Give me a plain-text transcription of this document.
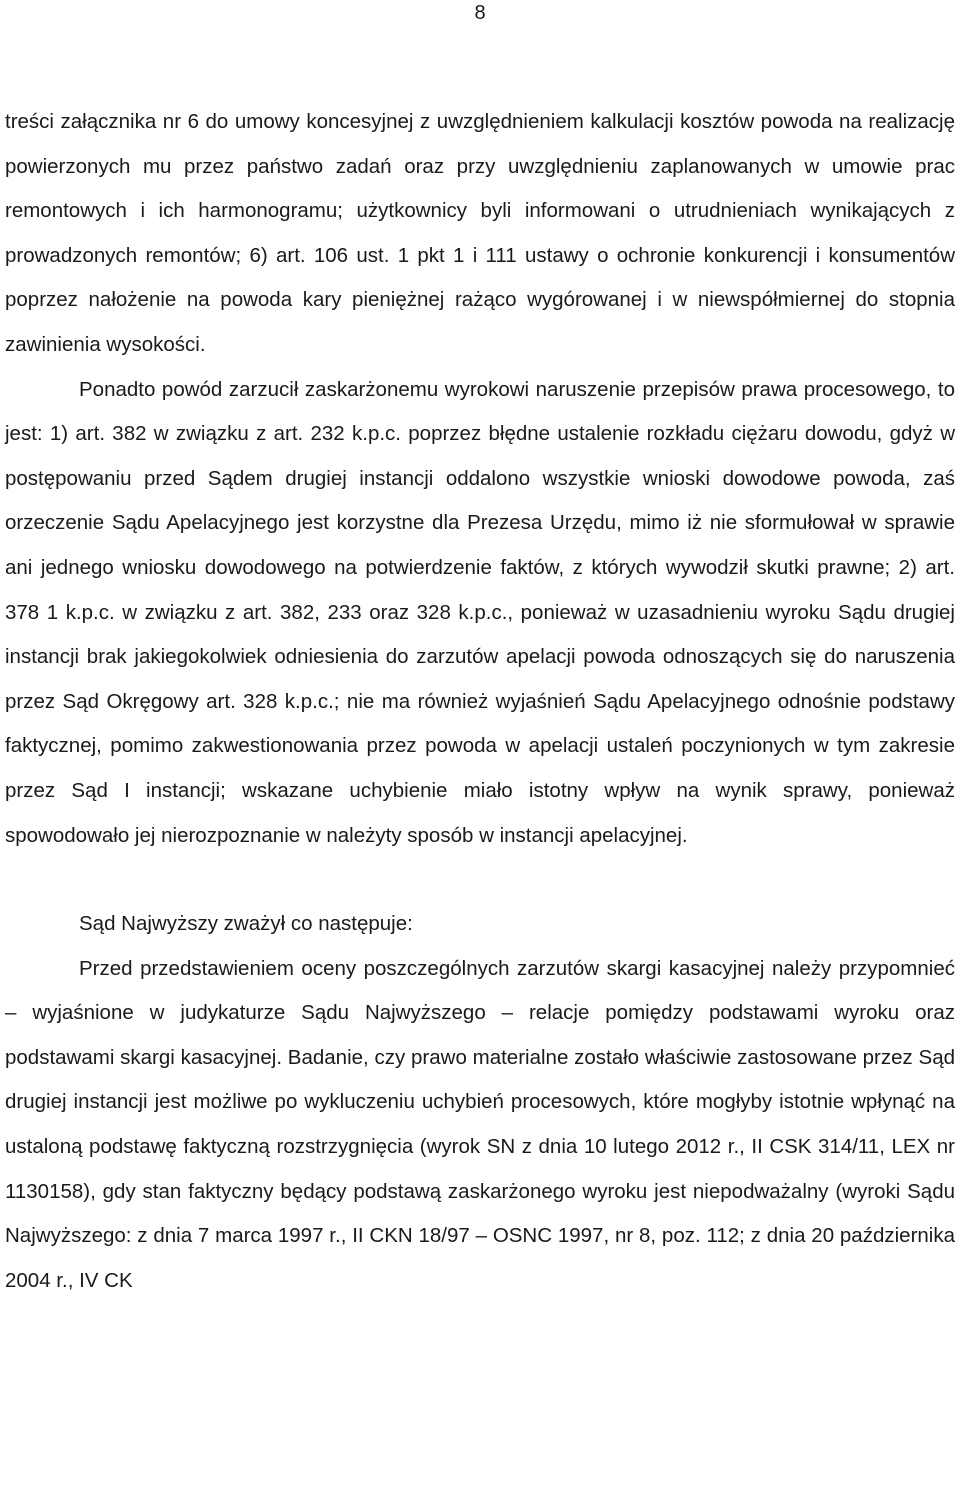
8

treści załącznika nr 6 do umowy koncesyjnej z uwzględnieniem kalkulacji kosztów powoda na realizację powierzonych mu przez państwo zadań oraz przy uwzględnieniu zaplanowanych w umowie prac remontowych i ich harmonogramu; użytkownicy byli informowani o utrudnieniach wynikających z prowadzonych remontów; 6) art. 106 ust. 1 pkt 1 i 111 ustawy o ochronie konkurencji i konsumentów poprzez nałożenie na powoda kary pieniężnej rażąco wygórowanej i w niewspółmiernej do stopnia zawinienia wysokości.

Ponadto powód zarzucił zaskarżonemu wyrokowi naruszenie przepisów prawa procesowego, to jest: 1) art. 382 w związku z art. 232 k.p.c. poprzez błędne ustalenie rozkładu ciężaru dowodu, gdyż w postępowaniu przed Sądem drugiej instancji oddalono wszystkie wnioski dowodowe powoda, zaś orzeczenie Sądu Apelacyjnego jest korzystne dla Prezesa Urzędu, mimo iż nie sformułował w sprawie ani jednego wniosku dowodowego na potwierdzenie faktów, z których wywodził skutki prawne; 2) art. 378 1 k.p.c. w związku z art. 382, 233 oraz 328 k.p.c., ponieważ w uzasadnieniu wyroku Sądu drugiej instancji brak jakiegokolwiek odniesienia do zarzutów apelacji powoda odnoszących się do naruszenia przez Sąd Okręgowy art. 328 k.p.c.; nie ma również wyjaśnień Sądu Apelacyjnego odnośnie podstawy faktycznej, pomimo zakwestionowania przez powoda w apelacji ustaleń poczynionych w tym zakresie przez Sąd I instancji; wskazane uchybienie miało istotny wpływ na wynik sprawy, ponieważ spowodowało jej nierozpoznanie w należyty sposób w instancji apelacyjnej.

Sąd Najwyższy zważył co następuje:

Przed przedstawieniem oceny poszczególnych zarzutów skargi kasacyjnej należy przypomnieć – wyjaśnione w judykaturze Sądu Najwyższego – relacje pomiędzy podstawami wyroku oraz podstawami skargi kasacyjnej. Badanie, czy prawo materialne zostało właściwie zastosowane przez Sąd drugiej instancji jest możliwe po wykluczeniu uchybień procesowych, które mogłyby istotnie wpłynąć na ustaloną podstawę faktyczną rozstrzygnięcia (wyrok SN z dnia 10 lutego 2012 r., II CSK 314/11, LEX nr 1130158), gdy stan faktyczny będący podstawą zaskarżonego wyroku jest niepodważalny (wyroki Sądu Najwyższego: z dnia 7 marca 1997 r., II CKN 18/97 – OSNC 1997, nr 8, poz. 112; z dnia 20 października 2004 r., IV CK
